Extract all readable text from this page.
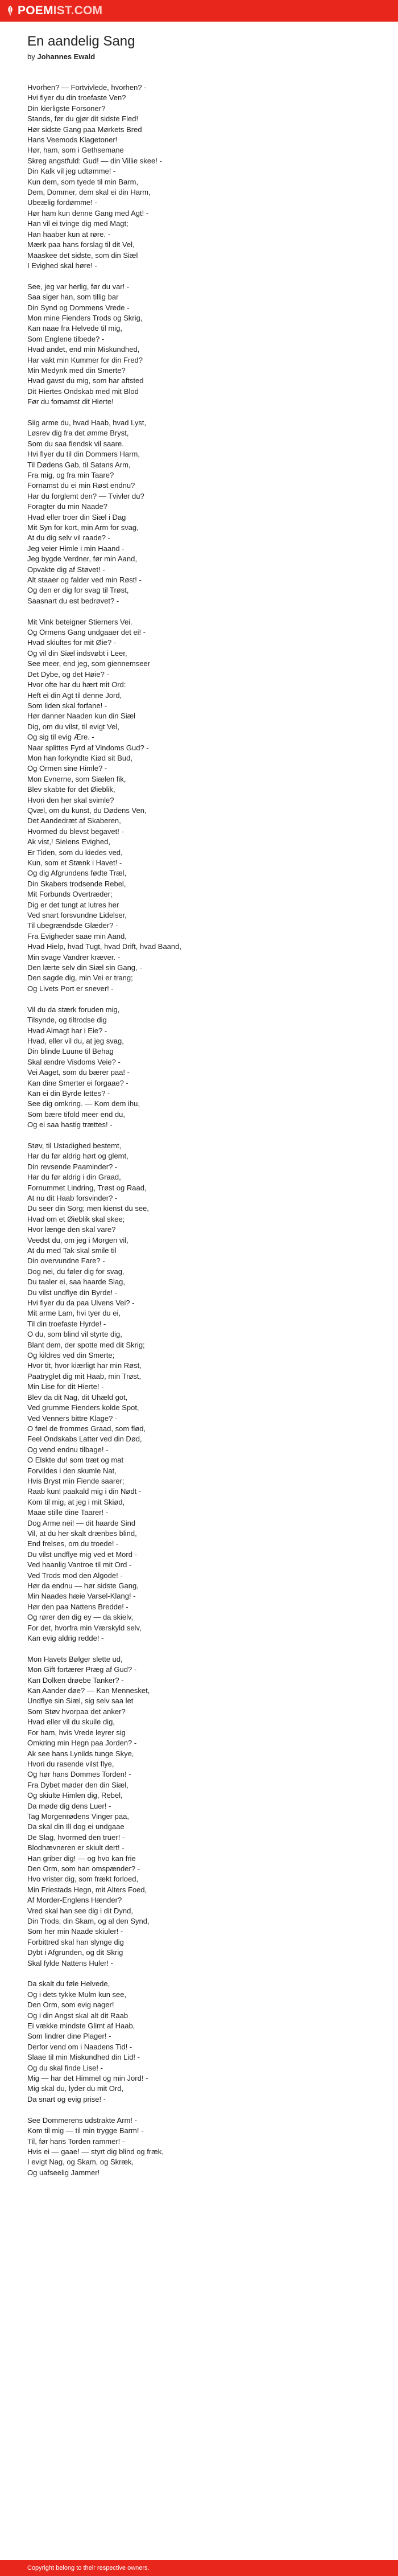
POEM IST.COM
En aandelig Sang
by Johannes Ewald
Hvorhen? — Fortvivlede, hvorhen? -
Hvi flyer du din troefaste Ven?
Din kierligste Forsoner?
Stands, før du gjør dit sidste Fled!
Hør sidste Gang paa Mørkets Bred
Hans Veemods Klagetoner!
Hør, ham, som i Gethsemane
Skreg angstfuld: Gud! — din Villie skee! -
Din Kalk vil jeg udtømme! -
Kun dem, som tyede til min Barm,
Dem, Dommer, dem skal ei din Harm,
Ubeælig fordømme! -
Hør ham kun denne Gang med Agt! -
Han vil ei tvinge dig med Magt;
Han haaber kun at røre. -
Mærk paa hans forslag til dit Vel,
Maaskee det sidste, som din Siæl
I Evighed skal høre! -
See, jeg var herlig, før du var! -
Saa siger han, som tillig bar
Din Synd og Dommens Vrede -
Mon mine Fienders Trods og Skrig,
Kan naae fra Helvede til mig,
Som Englene tilbede? -
Hvad andet, end min Miskundhed,
Har vakt min Kummer for din Fred?
Min Medynk med din Smerte?
Hvad gavst du mig, som har aftsted
Dit Hiertes Ondskab med mit Blod
Før du fornamst dit Hierte!
Siig arme du, hvad Haab, hvad Lyst,
Løsrev dig fra det ømme Bryst,
Som du saa fiendsk vil saare.
Hvi flyer du til din Dommers Harm,
Til Dødens Gab, til Satans Arm,
Fra mig, og fra min Taare?
Fornamst du ei min Røst endnu?
Har du forglemt den? — Tvivler du?
Foragter du min Naade?
Hvad eller troer din Siæl i Dag
Mit Syn for kort, min Arm for svag,
At du dig selv vil raade? -
Jeg veier Himle i min Haand -
Jeg bygde Verdner, før min Aand,
Opvakte dig af Støvet! -
Alt staaer og falder ved min Røst! -
Og den er dig for svag til Trøst,
Saasnart du est bedrøvet? -
Mit Vink beteigner Stierners Vei.
Og Ormens Gang undgaaer det ei! -
Hvad skiultes for mit Øie? -
Og vil din Siæl indsvøbt i Leer,
See meer, end jeg, som giennemseer
Det Dybe, og det Høie? -
Hvor ofte har du hært mit Ord:
Heft ei din Agt til denne Jord,
Som liden skal forfane! -
Hør danner Naaden kun din Siæl
Dig, om du vilst, til evigt Vel,
Og sig til evig Ære. -
Naar splittes Fyrd af Vindoms Gud? -
Mon han forkyndte Kiød sit Bud,
Og Ormen sine Himle? -
Mon Evnerne, som Siælen fik,
Blev skabte for det Øieblik,
Hvori den her skal svimle?
Qvæl, om du kunst, du Dødens Ven,
Det Aandedræt af Skaberen,
Hvormed du blevst begavet! -
Ak vist,! Sielens Evighed,
Er Tiden, som du kiedes ved,
Kun, som et Stænk i Havet! -
Og dig Afgrundens fødte Træl,
Din Skabers trodsende Rebel,
Mit Forbunds Overtræder;
Dig er det tungt at lutres her
Ved snart forsvundne Lidelser,
Til ubegrændsde Glæder? -
Fra Evigheder saae min Aand,
Hvad Hielp, hvad Tugt, hvad Drift, hvad Baand,
Min svage Vandrer kræver. -
Den lærte selv din Siæl sin Gang, -
Den sagde dig, min Vei er trang;
Og Livets Port er snever! -
Vil du da stærk foruden mig,
Tilsynde, og tiltrodse dig
Hvad Almagt har i Eie? -
Hvad, eller vil du, at jeg svag,
Din blinde Luune til Behag
Skal ændre Visdoms Veie? -
Vei Aaget, som du bærer paa! -
Kan dine Smerter ei forgaae? -
Kan ei din Byrde lettes? -
See dig omkring. — Kom dem ihu,
Som bære tifold meer end du,
Og ei saa hastig trættes! -
Støv, til Ustadighed bestemt,
Har du før aldrig hørt og glemt,
Din revsende Paaminder? -
Har du før aldrig i din Graad,
Fornummet Lindring, Trøst og Raad,
At nu dit Haab forsvinder? -
Du seer din Sorg; men kienst du see,
Hvad om et Øieblik skal skee;
Hvor længe den skal vare?
Veedst du, om jeg i Morgen vil,
At du med Tak skal smile til
Din overvundne Fare? -
Dog nei, du føler dig for svag,
Du taaler ei, saa haarde Slag,
Du vilst undflye din Byrde! -
Hvi flyer du da paa Ulvens Vei? -
Mit arme Lam, hvi tyer du ei,
Til din troefaste Hyrde! -
O du, som blind vil styrte dig,
Blant dem, der spotte med dit Skrig;
Og kildres ved din Smerte;
Hvor tit, hvor kiærligt har min Røst,
Paatryglet dig mit Haab, min Trøst,
Min Lise for dit Hierte! -
Blev da dit Nag, dit Uhæld got,
Ved grumme Fienders kolde Spot,
Ved Venners bittre Klage? -
O føel de frommes Graad, som flød,
Feel Ondskabs Latter ved din Død,
Og vend endnu tilbage! -
O Elskte du! som træt og mat
Forvildes i den skumle Nat,
Hvis Bryst min Fiende saarer;
Raab kun! paakald mig i din Nødt -
Kom til mig, at jeg i mit Skiød,
Maae stille dine Taarer! -
Dog Arme nei! — dit haarde Sind
Vil, at du her skalt drænbes blind,
End frelses, om du troede! -
Du vilst undflye mig ved et Mord -
Ved haanlig Vantroe til mit Ord -
Ved Trods mod den Algode! -
Hør da endnu — hør sidste Gang,
Min Naades hæie Varsel-Klang! -
Hør den paa Nattens Bredde! -
Og rører den dig ey — da skielv,
For det, hvorfra min Værskyld selv,
Kan evig aldrig redde! -
Mon Havets Bølger slette ud,
Mon Gift fortærer Præg af Gud? -
Kan Dolken drøebe Tanker? -
Kan Aander døe? — Kan Mennesket,
Undflye sin Siæl, sig selv saa let
Som Støv hvorpaa det anker?
Hvad eller vil du skuile dig,
For ham, hvis Vrede leyrer sig
Omkring min Hegn paa Jorden? -
Ak see hans Lynilds tunge Skye,
Hvori du rasende vilst flye,
Og hør hans Dommes Torden! -
Fra Dybet møder den din Siæl,
Og skiulte Himlen dig, Rebel,
Da møde dig dens Luer! -
Tag Morgenrødens Vinger paa,
Da skal din Ill dog ei undgaae
De Slag, hvormed den truer! -
Blodhævneren er skiult dert! -
Han griber dig! — og hvo kan frie
Den Orm, som han omspænder? -
Hvo vrister dig, som frækt forloed,
Min Friestads Hegn, mit Alters Foed,
Af Morder-Englens Hænder?
Vred skal han see dig i dit Dynd,
Din Trods, din Skam, og al den Synd,
Som her min Naade skiuler! -
Forbittred skal han slynge dig
Dybt i Afgrunden, og dit Skrig
Skal fylde Nattens Huler! -
Da skalt du føle Helvede,
Og i dets tykke Mulm kun see,
Den Orm, som evig nager!
Og i din Angst skal alt dit Raab
Ei vække mindste Glimt af Haab,
Som lindrer dine Plager! -
Derfor vend om i Naadens Tid! -
Slaae til min Miskundhed din Lid! -
Og du skal finde Lise! -
Mig — har det Himmel og min Jord! -
Mig skal du, lyder du mit Ord,
Da snart og evig prise! -
See Dommerens udstrakte Arm! -
Kom til mig — til min trygge Barm! -
Til, før hans Torden rammer! -
Hvis ei — gaae! — styrt dig blind og fræk,
I evigt Nag, og Skam, og Skræk,
Og uafseelig Jammer!
Copyright belong to their respective owners.
